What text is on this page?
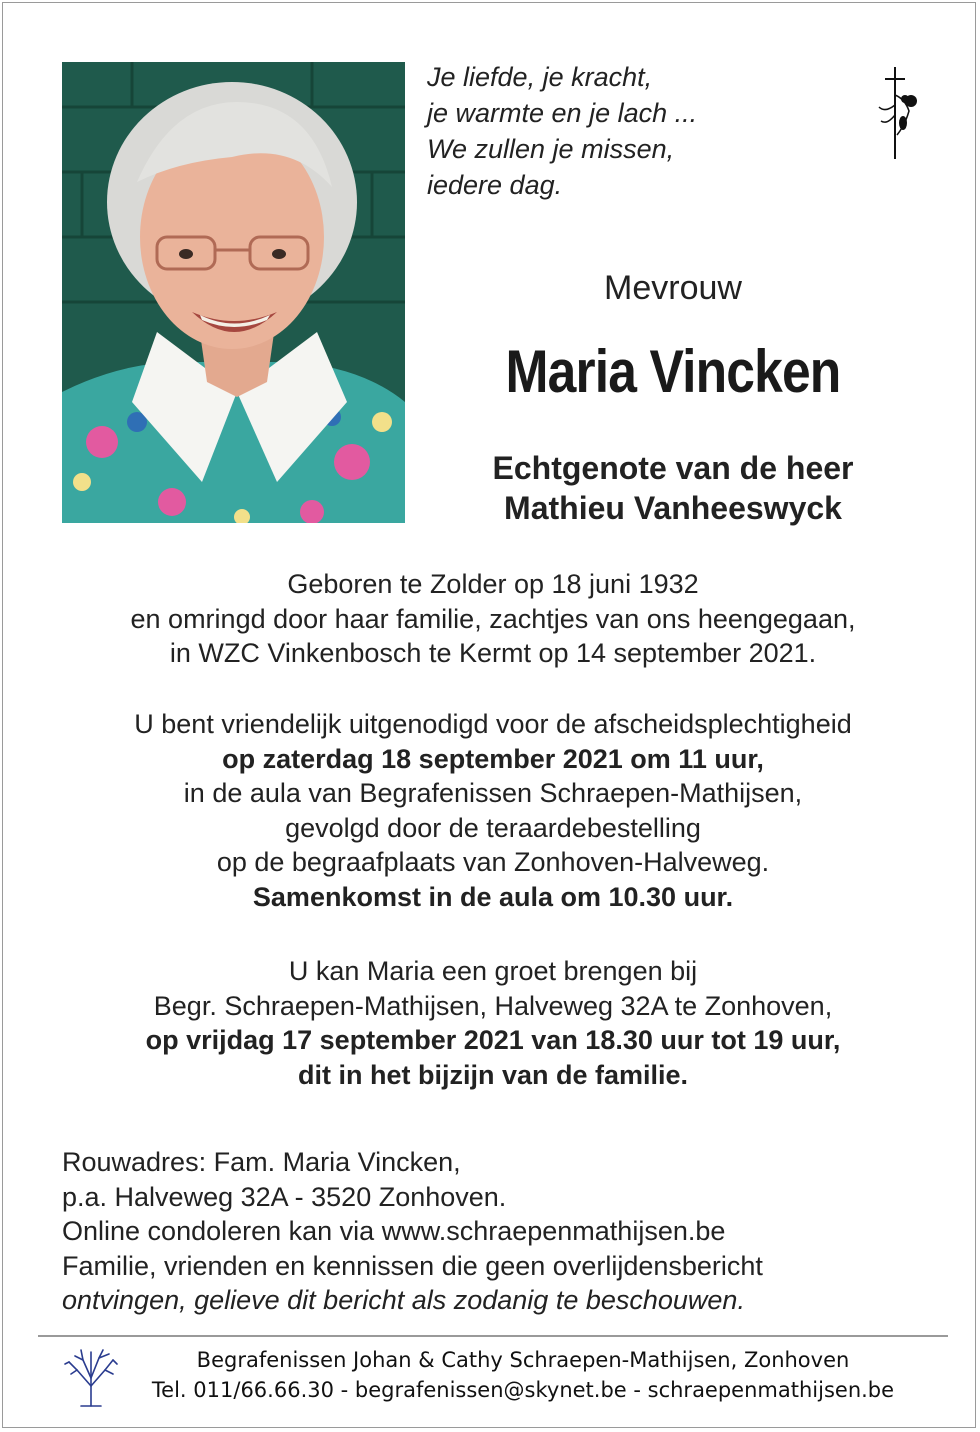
Je liefde, je kracht,
je warmte en je lach ...
We zullen je missen,
iedere dag.
Mevrouw
Maria Vincken
Echtgenote van de heer
Mathieu Vanheeswyck
Geboren te Zolder op 18 juni 1932
en omringd door haar familie, zachtjes van ons heengegaan,
in WZC Vinkenbosch te Kermt op 14 september 2021.
U bent vriendelijk uitgenodigd voor de afscheidsplechtigheid
op zaterdag 18 september 2021 om 11 uur,
in de aula van Begrafenissen Schraepen-Mathijsen,
gevolgd door de teraardebestelling
op de begraafplaats van Zonhoven-Halveweg.
Samenkomst in de aula om 10.30 uur.
U kan Maria een groet brengen bij
Begr. Schraepen-Mathijsen, Halveweg 32A te Zonhoven,
op vrijdag 17 september 2021 van 18.30 uur tot 19 uur,
dit in het bijzijn van de familie.
Rouwadres: Fam. Maria Vincken,
p.a. Halveweg 32A - 3520 Zonhoven.
Online condoleren kan via www.schraepenmathijsen.be
Familie, vrienden en kennissen die geen overlijdensbericht
ontvingen, gelieve dit bericht als zodanig te beschouwen.
Begrafenissen Johan & Cathy Schraepen-Mathijsen, Zonhoven
Tel. 011/66.66.30 - begrafenissen@skynet.be - schraepenmathijsen.be
